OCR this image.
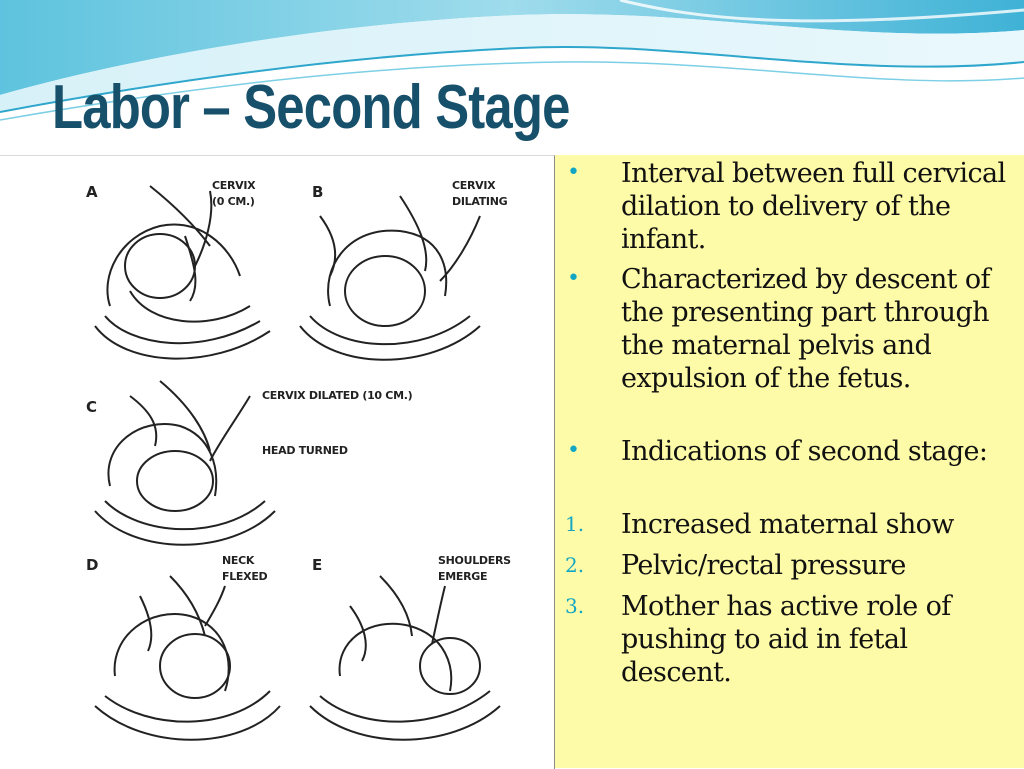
Labor – Second Stage
A	CERVIX
(0 CM.)
B	CERVIX
DILATING
C
CERVIX DILATED (10 CM.)
HEAD TURNED
D	NECK
FLEXED
E	SHOULDERS
EMERGE
• Interval between full cervical dilation to delivery of the infant.

• Characterized by descent of the presenting part through the maternal pelvis and expulsion of the fetus.

• Indications of second stage:

1. Increased maternal show

2. Pelvic/rectal pressure

3. Mother has active role of pushing to aid in fetal descent.
